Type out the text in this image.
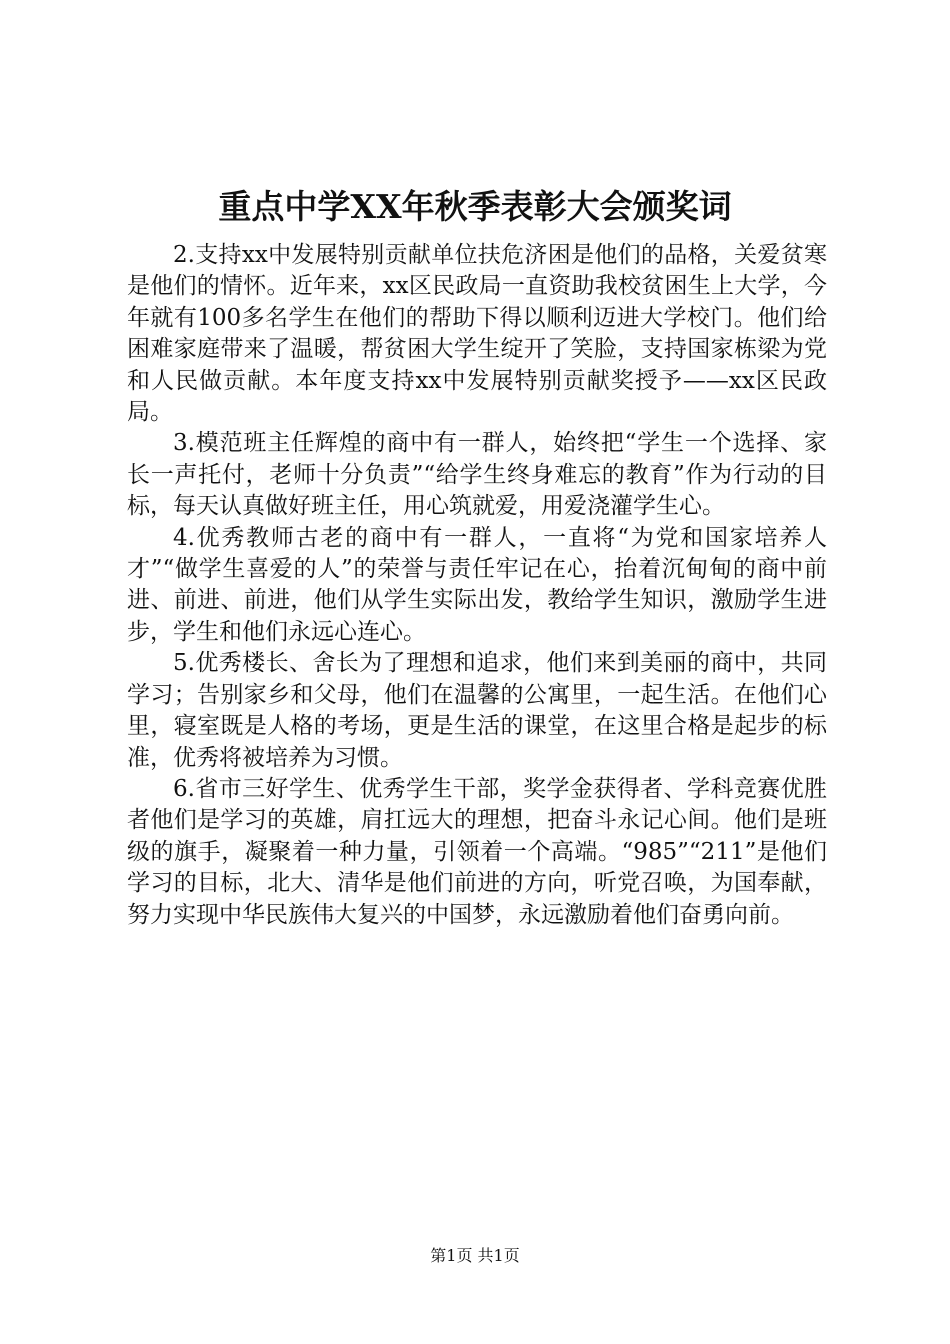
重点中学XX年秋季表彰大会颁奖词

2.支持xx中发展特别贡献单位扶危济困是他们的品格，关爱贫寒是他们的情怀。近年来，xx区民政局一直资助我校贫困生上大学，今年就有100多名学生在他们的帮助下得以顺利迈进大学校门。他们给困难家庭带来了温暖，帮贫困大学生绽开了笑脸，支持国家栋梁为党和人民做贡献。本年度支持xx中发展特别贡献奖授予——xx区民政局。

3.模范班主任辉煌的商中有一群人，始终把“学生一个选择、家长一声托付，老师十分负责”“给学生终身难忘的教育”作为行动的目标，每天认真做好班主任，用心筑就爱，用爱浇灌学生心。

4.优秀教师古老的商中有一群人，一直将“为党和国家培养人才”“做学生喜爱的人”的荣誉与责任牢记在心，抬着沉甸甸的商中前进、前进、前进，他们从学生实际出发，教给学生知识，激励学生进步，学生和他们永远心连心。

5.优秀楼长、舍长为了理想和追求，他们来到美丽的商中，共同学习；告别家乡和父母，他们在温馨的公寓里，一起生活。在他们心里，寝室既是人格的考场，更是生活的课堂，在这里合格是起步的标准，优秀将被培养为习惯。

6.省市三好学生、优秀学生干部，奖学金获得者、学科竞赛优胜者他们是学习的英雄，肩扛远大的理想，把奋斗永记心间。他们是班级的旗手，凝聚着一种力量，引领着一个高端。“985”“211”是他们学习的目标，北大、清华是他们前进的方向，听党召唤，为国奉献，努力实现中华民族伟大复兴的中国梦，永远激励着他们奋勇向前。

第1页 共1页
